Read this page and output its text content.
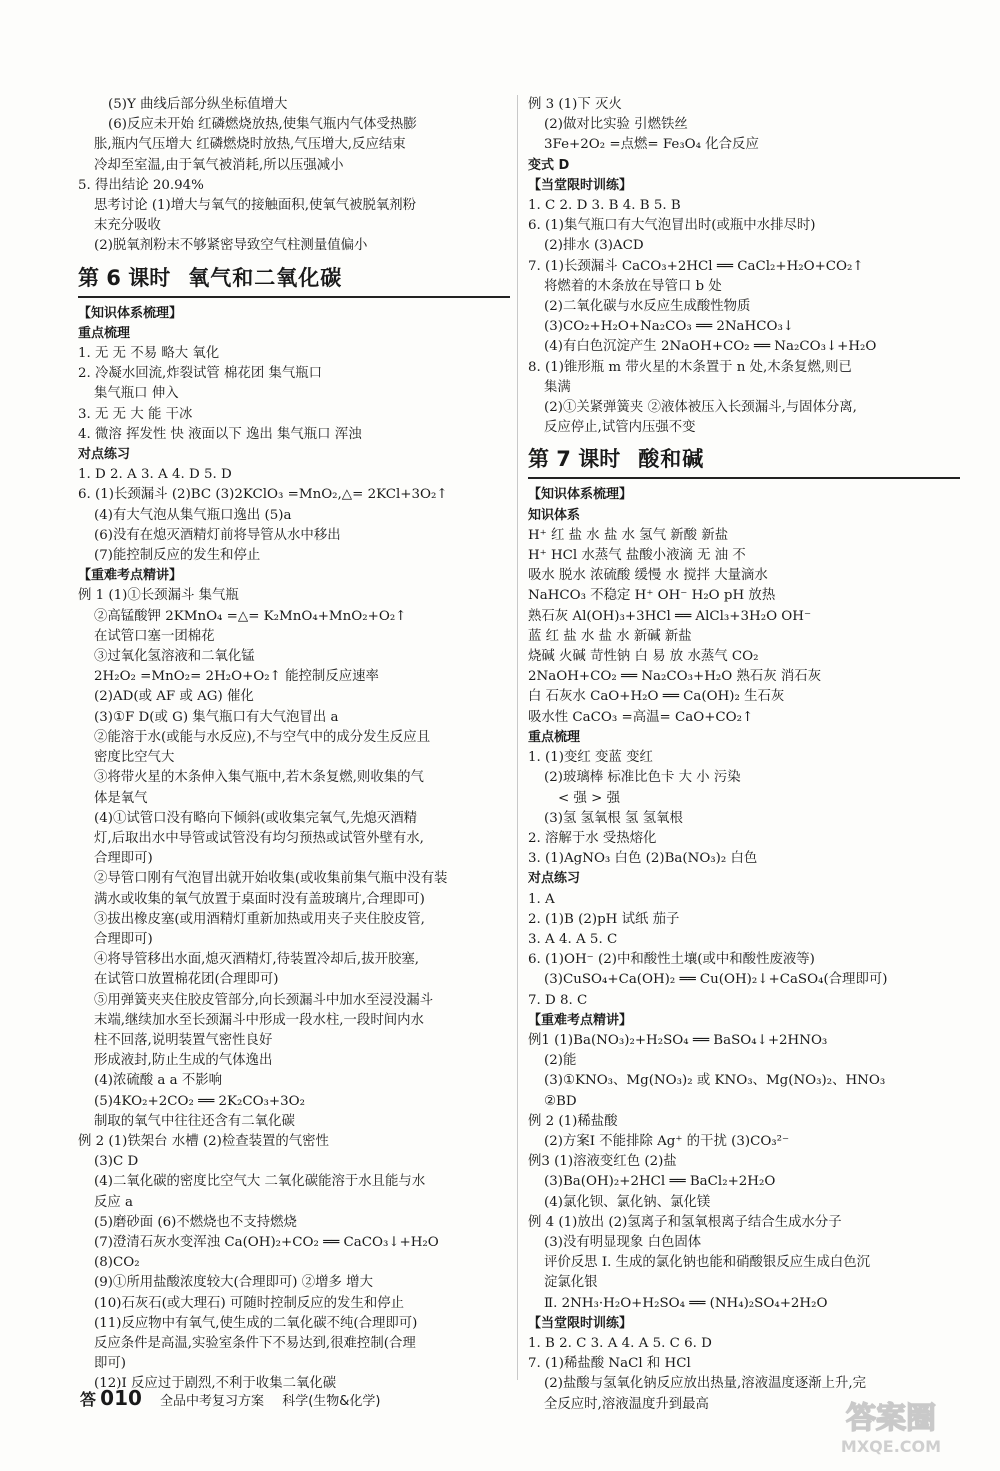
(5)Y 曲线后部分纵坐标值增大
(6)反应未开始 红磷燃烧放热,使集气瓶内气体受热膨
胀,瓶内气压增大 红磷燃烧时放热,气压增大,反应结束
冷却至室温,由于氧气被消耗,所以压强减小
5. 得出结论 20.94%
思考讨论 (1)增大与氧气的接触面积,使氧气被脱氧剂粉
末充分吸收
(2)脱氧剂粉末不够紧密导致空气柱测量值偏小
第 6 课时 氧气和二氧化碳
【知识体系梳理】
重点梳理
1. 无 无 不易 略大 氧化
2. 冷凝水回流,炸裂试管 棉花团 集气瓶口
集气瓶口 伸入
3. 无 无 大 能 干冰
4. 微溶 挥发性 快 液面以下 逸出 集气瓶口 浑浊
对点练习
1. D 2. A 3. A 4. D 5. D
6. (1)长颈漏斗 (2)BC (3)2KClO₃ =MnO₂,△= 2KCl+3O₂↑
(4)有大气泡从集气瓶口逸出 (5)a
(6)没有在熄灭酒精灯前将导管从水中移出
(7)能控制反应的发生和停止
【重难考点精讲】
例 1 (1)①长颈漏斗 集气瓶
②高锰酸钾 2KMnO₄ =△= K₂MnO₄+MnO₂+O₂↑
在试管口塞一团棉花
③过氧化氢溶液和二氧化锰
2H₂O₂ =MnO₂= 2H₂O+O₂↑ 能控制反应速率
(2)AD(或 AF 或 AG) 催化
(3)①F D(或 G) 集气瓶口有大气泡冒出 a
②能溶于水(或能与水反应),不与空气中的成分发生反应且
密度比空气大
③将带火星的木条伸入集气瓶中,若木条复燃,则收集的气
体是氧气
(4)①试管口没有略向下倾斜(或收集完氧气,先熄灭酒精
灯,后取出水中导管或试管没有均匀预热或试管外壁有水,
合理即可)
②导管口刚有气泡冒出就开始收集(或收集前集气瓶中没有装
满水或收集的氧气放置于桌面时没有盖玻璃片,合理即可)
③拔出橡皮塞(或用酒精灯重新加热或用夹子夹住胶皮管,
合理即可)
④将导管移出水面,熄灭酒精灯,待装置冷却后,拔开胶塞,
在试管口放置棉花团(合理即可)
⑤用弹簧夹夹住胶皮管部分,向长颈漏斗中加水至浸没漏斗
末端,继续加水至长颈漏斗中形成一段水柱,一段时间内水
柱不回落,说明装置气密性良好
形成液封,防止生成的气体逸出
(4)浓硫酸 a a 不影响
(5)4KO₂+2CO₂ ══ 2K₂CO₃+3O₂
制取的氧气中往往还含有二氧化碳
例 2 (1)铁架台 水槽 (2)检查装置的气密性
(3)C D
(4)二氧化碳的密度比空气大 二氧化碳能溶于水且能与水
反应 a
(5)磨砂面 (6)不燃烧也不支持燃烧
(7)澄清石灰水变浑浊 Ca(OH)₂+CO₂ ══ CaCO₃↓+H₂O
(8)CO₂
(9)①所用盐酸浓度较大(合理即可) ②增多 增大
(10)石灰石(或大理石) 可随时控制反应的发生和停止
(11)反应物中有氧气,使生成的二氧化碳不纯(合理即可)
反应条件是高温,实验室条件下不易达到,很难控制(合理
即可)
(12)Ⅰ 反应过于剧烈,不利于收集二氧化碳
例 3 (1)下 灭火
(2)做对比实验 引燃铁丝
3Fe+2O₂ =点燃= Fe₃O₄ 化合反应
变式 D
【当堂限时训练】
1. C 2. D 3. B 4. B 5. B
6. (1)集气瓶口有大气泡冒出时(或瓶中水排尽时)
(2)排水 (3)ACD
7. (1)长颈漏斗 CaCO₃+2HCl ══ CaCl₂+H₂O+CO₂↑
将燃着的木条放在导管口 b 处
(2)二氧化碳与水反应生成酸性物质
(3)CO₂+H₂O+Na₂CO₃ ══ 2NaHCO₃↓
(4)有白色沉淀产生 2NaOH+CO₂ ══ Na₂CO₃↓+H₂O
8. (1)锥形瓶 m 带火星的木条置于 n 处,木条复燃,则已
集满
(2)①关紧弹簧夹 ②液体被压入长颈漏斗,与固体分离,
反应停止,试管内压强不变
第 7 课时 酸和碱
【知识体系梳理】
知识体系
H⁺ 红 盐 水 盐 水 氢气 新酸 新盐
H⁺ HCl 水蒸气 盐酸小液滴 无 油 不
吸水 脱水 浓硫酸 缓慢 水 搅拌 大量滴水
NaHCO₃ 不稳定 H⁺ OH⁻ H₂O pH 放热
熟石灰 Al(OH)₃+3HCl ══ AlCl₃+3H₂O OH⁻
蓝 红 盐 水 盐 水 新碱 新盐
烧碱 火碱 苛性钠 白 易 放 水蒸气 CO₂
2NaOH+CO₂ ══ Na₂CO₃+H₂O 熟石灰 消石灰
白 石灰水 CaO+H₂O ══ Ca(OH)₂ 生石灰
吸水性 CaCO₃ =高温= CaO+CO₂↑
重点梳理
1. (1)变红 变蓝 变红
(2)玻璃棒 标准比色卡 大 小 污染
< 强 > 强
(3)氢 氢氧根 氢 氢氧根
2. 溶解于水 受热熔化
3. (1)AgNO₃ 白色 (2)Ba(NO₃)₂ 白色
对点练习
1. A
2. (1)B (2)pH 试纸 茄子
3. A 4. A 5. C
6. (1)OH⁻ (2)中和酸性土壤(或中和酸性废液等)
(3)CuSO₄+Ca(OH)₂ ══ Cu(OH)₂↓+CaSO₄(合理即可)
7. D 8. C
【重难考点精讲】
例1 (1)Ba(NO₃)₂+H₂SO₄ ══ BaSO₄↓+2HNO₃
(2)能
(3)①KNO₃、Mg(NO₃)₂ 或 KNO₃、Mg(NO₃)₂、HNO₃
②BD
例 2 (1)稀盐酸
(2)方案Ⅰ 不能排除 Ag⁺ 的干扰 (3)CO₃²⁻
例3 (1)溶液变红色 (2)盐
(3)Ba(OH)₂+2HCl ══ BaCl₂+2H₂O
(4)氯化钡、氯化钠、氯化镁
例 4 (1)放出 (2)氢离子和氢氧根离子结合生成水分子
(3)没有明显现象 白色固体
评价反思 Ⅰ. 生成的氯化钠也能和硝酸银反应生成白色沉
淀氯化银
Ⅱ. 2NH₃·H₂O+H₂SO₄ ══ (NH₄)₂SO₄+2H₂O
【当堂限时训练】
1. B 2. C 3. A 4. A 5. C 6. D
7. (1)稀盐酸 NaCl 和 HCl
(2)盐酸与氢氧化钠反应放出热量,溶液温度逐渐上升,完
全反应时,溶液温度升到最高
答 010 全品中考复习方案 科学(生物&化学)	答案圈
MXQE.COM
